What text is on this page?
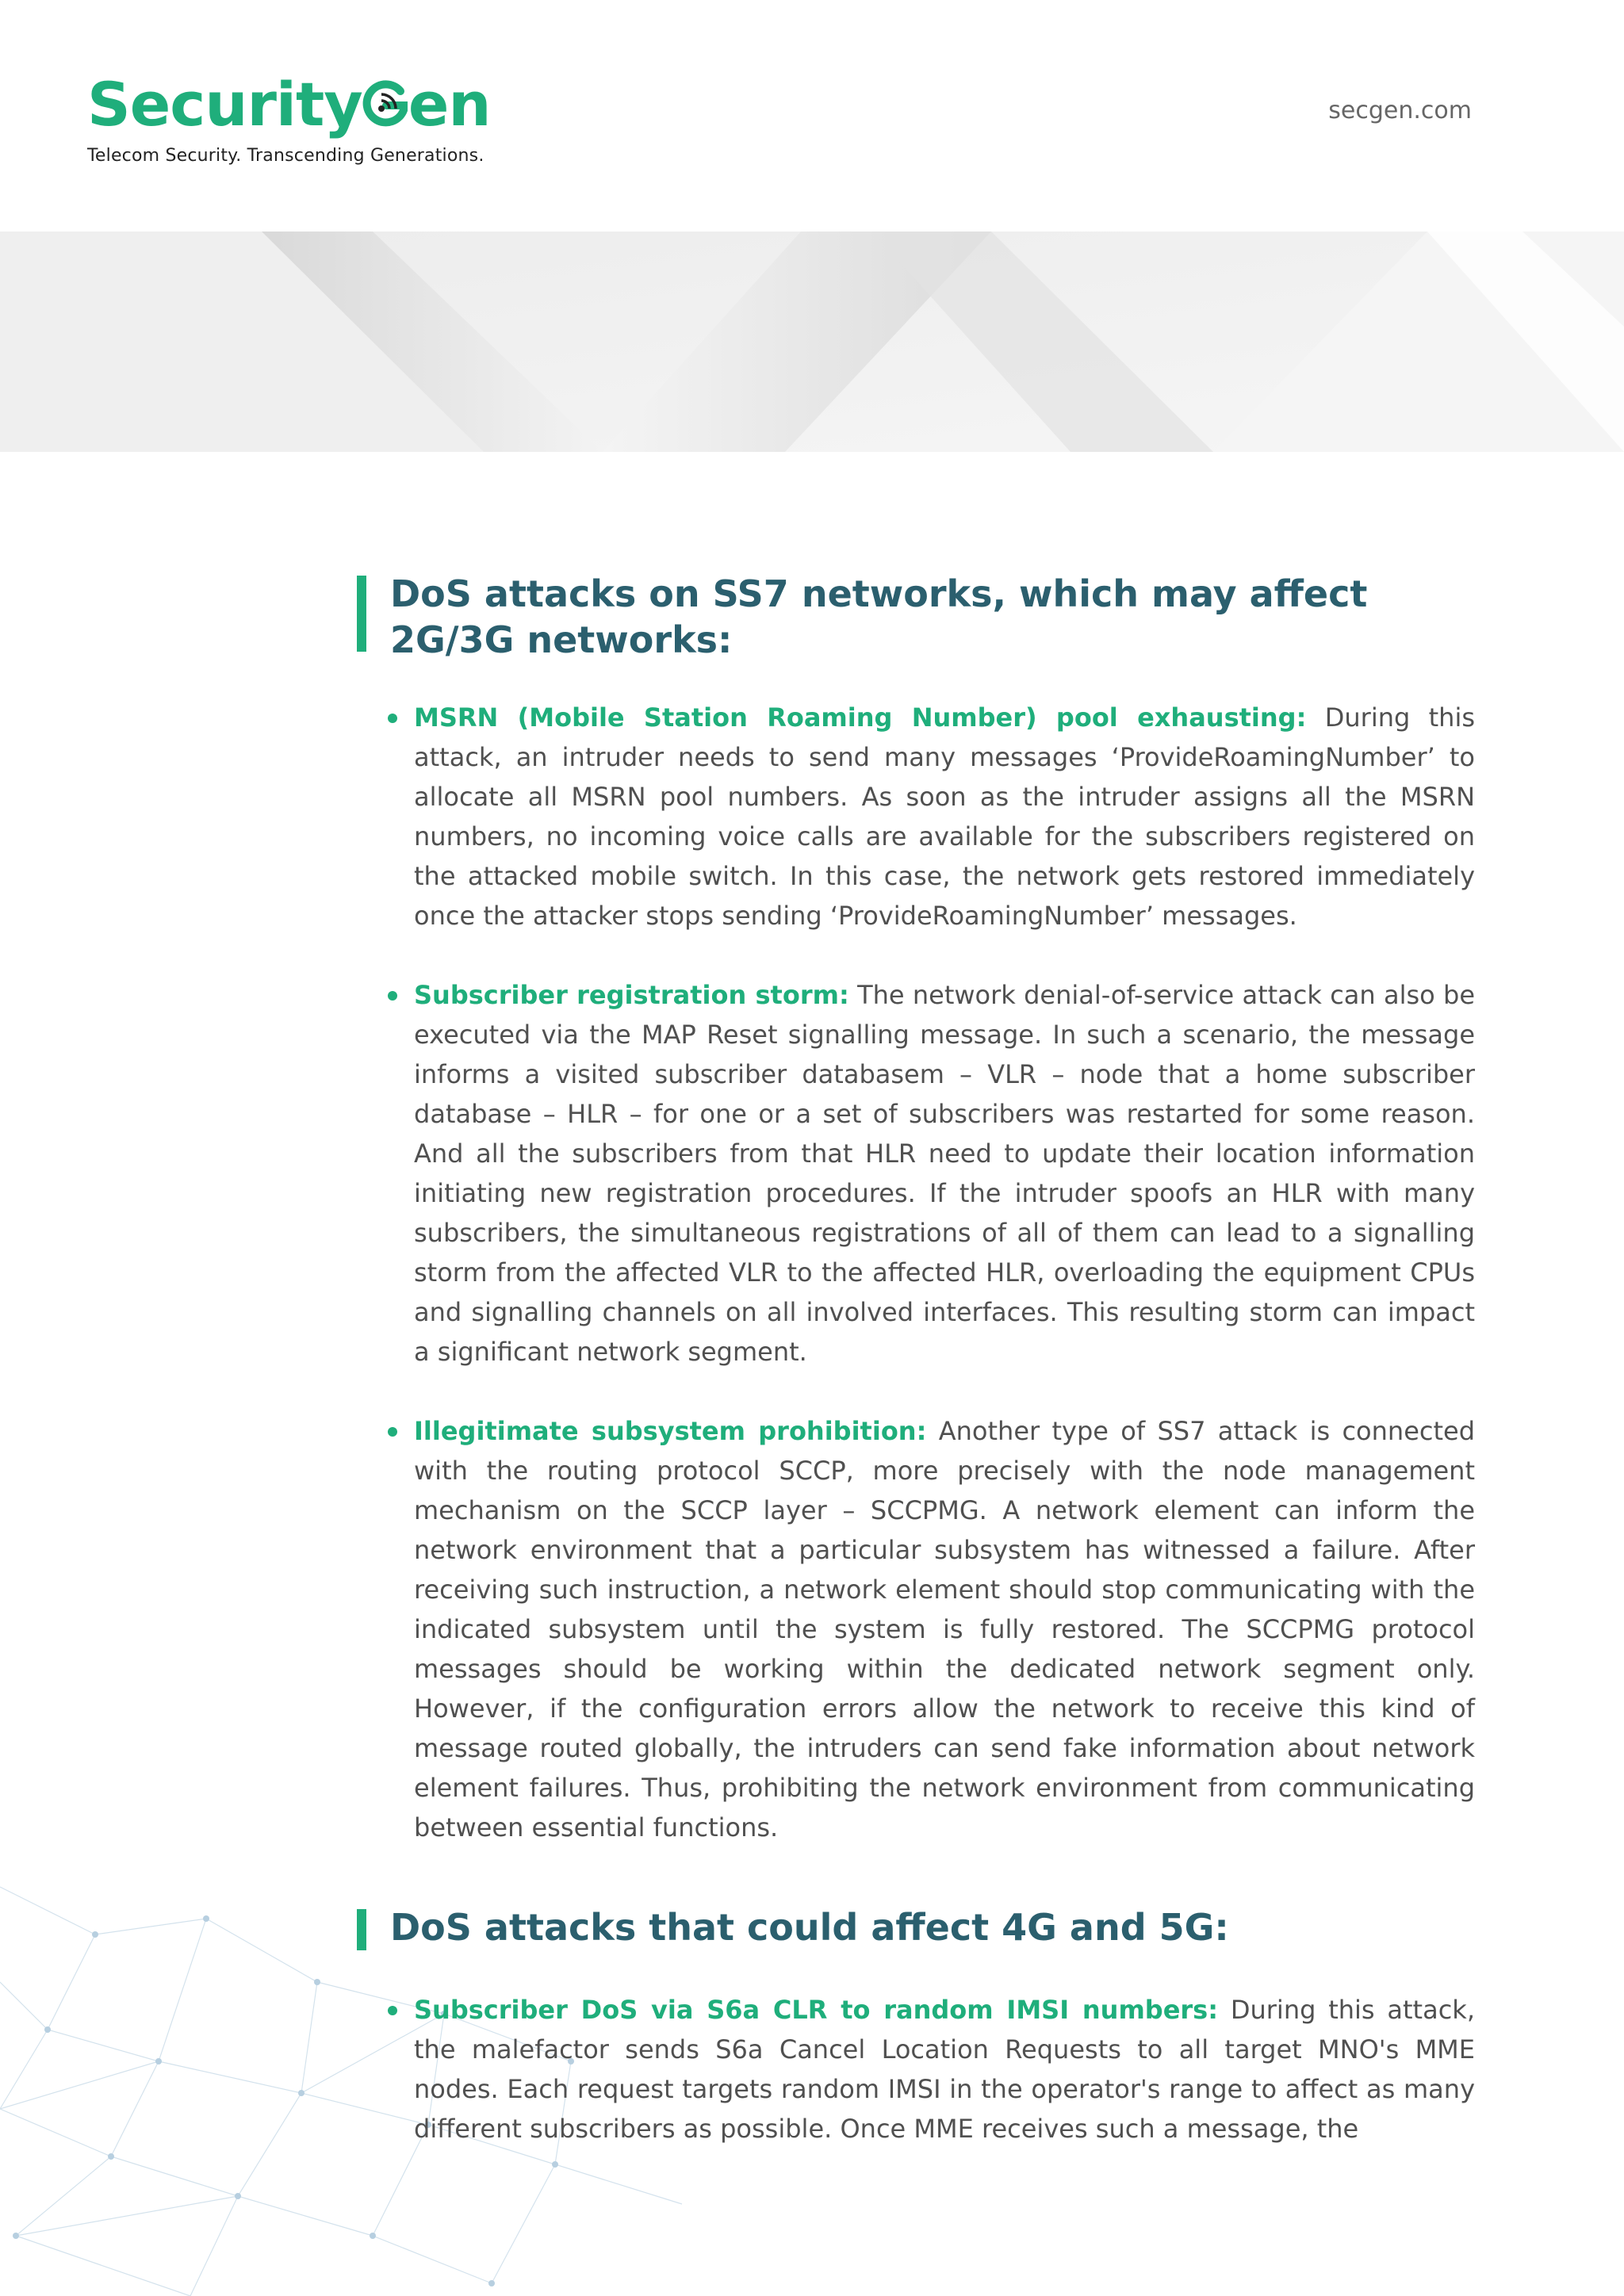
Security en
Telecom Security. Transcending Generations.
secgen.com
DoS attacks on SS7 networks, which may affect 2G/3G networks:
MSRN (Mobile Station Roaming Number) pool exhausting: During this attack, an intruder needs to send many messages ‘ProvideRoamingNumber’ to allocate all MSRN pool numbers. As soon as the intruder assigns all the MSRN numbers, no incoming voice calls are available for the subscribers registered on the attacked mobile switch. In this case, the network gets restored immediately once the attacker stops sending ‘ProvideRoamingNumber’ messages.
Subscriber registration storm: The network denial-of-service attack can also be executed via the MAP Reset signalling message. In such a scenario, the message informs a visited subscriber databasem – VLR – node that a home subscriber database – HLR – for one or a set of subscribers was restarted for some reason. And all the subscribers from that HLR need to update their location information initiating new registration procedures. If the intruder spoofs an HLR with many subscribers, the simultaneous registrations of all of them can lead to a signalling storm from the affected VLR to the affected HLR, overloading the equipment CPUs and signalling channels on all involved interfaces. This resulting storm can impact a significant network segment.
Illegitimate subsystem prohibition: Another type of SS7 attack is connected with the routing protocol SCCP, more precisely with the node management mechanism on the SCCP layer – SCCPMG. A network element can inform the network environment that a particular subsystem has witnessed a failure. After receiving such instruction, a network element should stop communicating with the indicated subsystem until the system is fully restored. The SCCPMG protocol messages should be working within the dedicated network segment only. However, if the configuration errors allow the network to receive this kind of message routed globally, the intruders can send fake information about network element failures. Thus, prohibiting the network environment from communicating between essential functions.
DoS attacks that could affect 4G and 5G:
Subscriber DoS via S6a CLR to random IMSI numbers: During this attack, the malefactor sends S6a Cancel Location Requests to all target MNO's MME nodes. Each request targets random IMSI in the operator's range to affect as many different subscribers as possible. Once MME receives such a message, the
